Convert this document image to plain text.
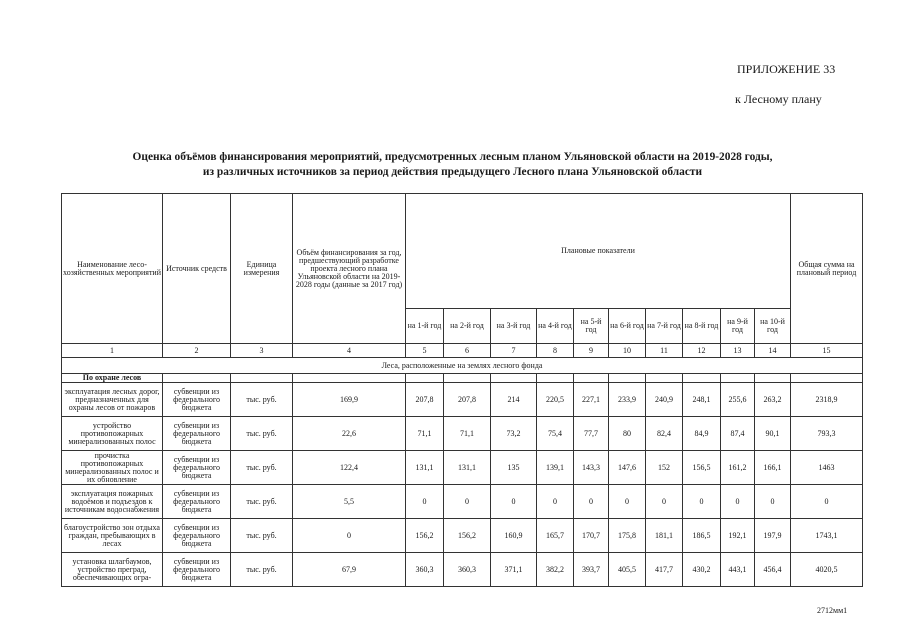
ПРИЛОЖЕНИЕ 33
к Лесному плану
Оценка объёмов финансирования мероприятий, предусмотренных лесным планом Ульяновской области на 2019-2028 годы,
из различных источников за период действия предыдущего Лесного плана Ульяновской области
Наименование лесо-хозяйственных мероприятий	Источник средств	Единица измерения	Объём финансирования за год, предшествующий разработке проекта лесного плана Ульяновской области на 2019-2028 годы (данные за 2017 год)	Плановые показатели										Общая сумма на плановый период
				на 1-й год	на 2-й год	на 3-й год	на 4-й год	на 5-й год	на 6-й год	на 7-й год	на 8-й год	на 9-й год	на 10-й год	
1	2	3	4	5	6	7	8	9	10	11	12	13	14	15
Леса, расположенные на землях лесного фонда														
По охране лесов														
эксплуатация лесных дорог, предназначенных для охраны лесов от пожаров	субвенции из федерального бюджета	тыс. руб.	169,9	207,8	207,8	214	220,5	227,1	233,9	240,9	248,1	255,6	263,2	2318,9
устройство противопожарных минерализованных полос	субвенции из федерального бюджета	тыс. руб.	22,6	71,1	71,1	73,2	75,4	77,7	80	82,4	84,9	87,4	90,1	793,3
прочистка противопожарных минерализованных полос и их обновление	субвенции из федерального бюджета	тыс. руб.	122,4	131,1	131,1	135	139,1	143,3	147,6	152	156,5	161,2	166,1	1463
эксплуатация пожарных водоёмов и подъездов к источникам водоснабжения	субвенции из федерального бюджета	тыс. руб.	5,5	0	0	0	0	0	0	0	0	0	0	0
благоустройство зон отдыха граждан, пребывающих в лесах	субвенции из федерального бюджета	тыс. руб.	0	156,2	156,2	160,9	165,7	170,7	175,8	181,1	186,5	192,1	197,9	1743,1
установка шлагбаумов, устройство преград, обеспечивающих огра-	субвенции из федерального бюджета	тыс. руб.	67,9	360,3	360,3	371,1	382,2	393,7	405,5	417,7	430,2	443,1	456,4	4020,5
2712мм1
